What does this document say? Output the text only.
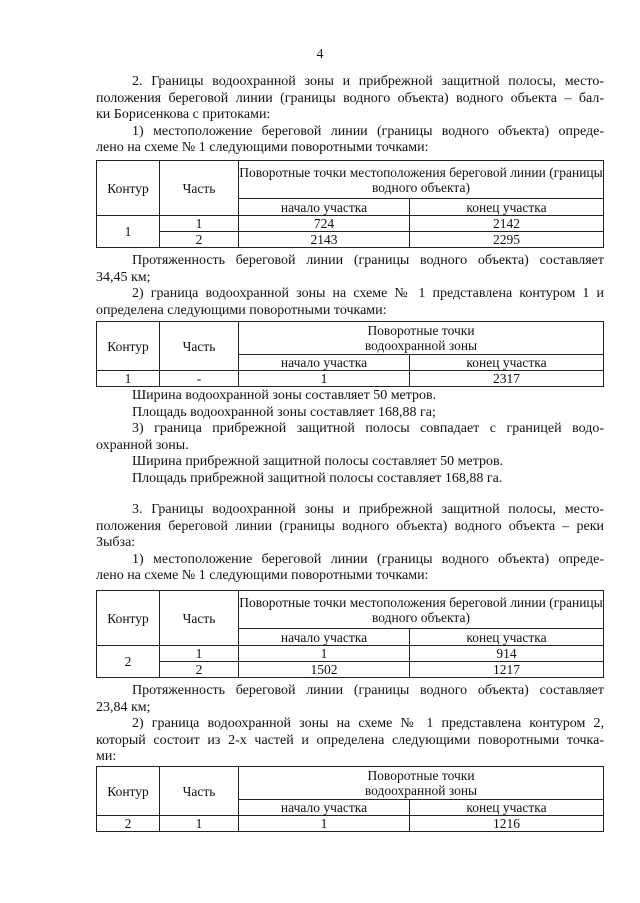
4
2. Границы водоохранной зоны и прибрежной защитной полосы, место-
положения береговой линии (границы водного объекта) водного объекта – бал-
ки Борисенкова с притоками:
1) местоположение береговой линии (границы водного объекта) опреде-
лено на схеме № 1 следующими поворотными точками:
Контур	Часть	Поворотные точки местоположения береговой линии (границы водного объекта)	
		начало участка	конец участка
1	1	724	2142
	2	2143	2295
Протяженность береговой линии (границы водного объекта) составляет
34,45 км;
2) граница водоохранной зоны на схеме № 1 представлена контуром 1 и
определена следующими поворотными точками:
Контур	Часть	Поворотные точки водоохранной зоны	
		начало участка	конец участка
1	-	1	2317
Ширина водоохранной зоны составляет 50 метров.
Площадь водоохранной зоны составляет 168,88 га;
3) граница прибрежной защитной полосы совпадает с границей водо-
охранной зоны.
Ширина прибрежной защитной полосы составляет 50 метров.
Площадь прибрежной защитной полосы составляет 168,88 га.
3. Границы водоохранной зоны и прибрежной защитной полосы, место-
положения береговой линии (границы водного объекта) водного объекта – реки
Зыбза:
1) местоположение береговой линии (границы водного объекта) опреде-
лено на схеме № 1 следующими поворотными точками:
Контур	Часть	Поворотные точки местоположения береговой линии (границы водного объекта)	
		начало участка	конец участка
2	1	1	914
	2	1502	1217
Протяженность береговой линии (границы водного объекта) составляет
23,84 км;
2) граница водоохранной зоны на схеме № 1 представлена контуром 2,
который состоит из 2-х частей и определена следующими поворотными точка-
ми:
Контур	Часть	Поворотные точки водоохранной зоны	
		начало участка	конец участка
2	1	1	1216
